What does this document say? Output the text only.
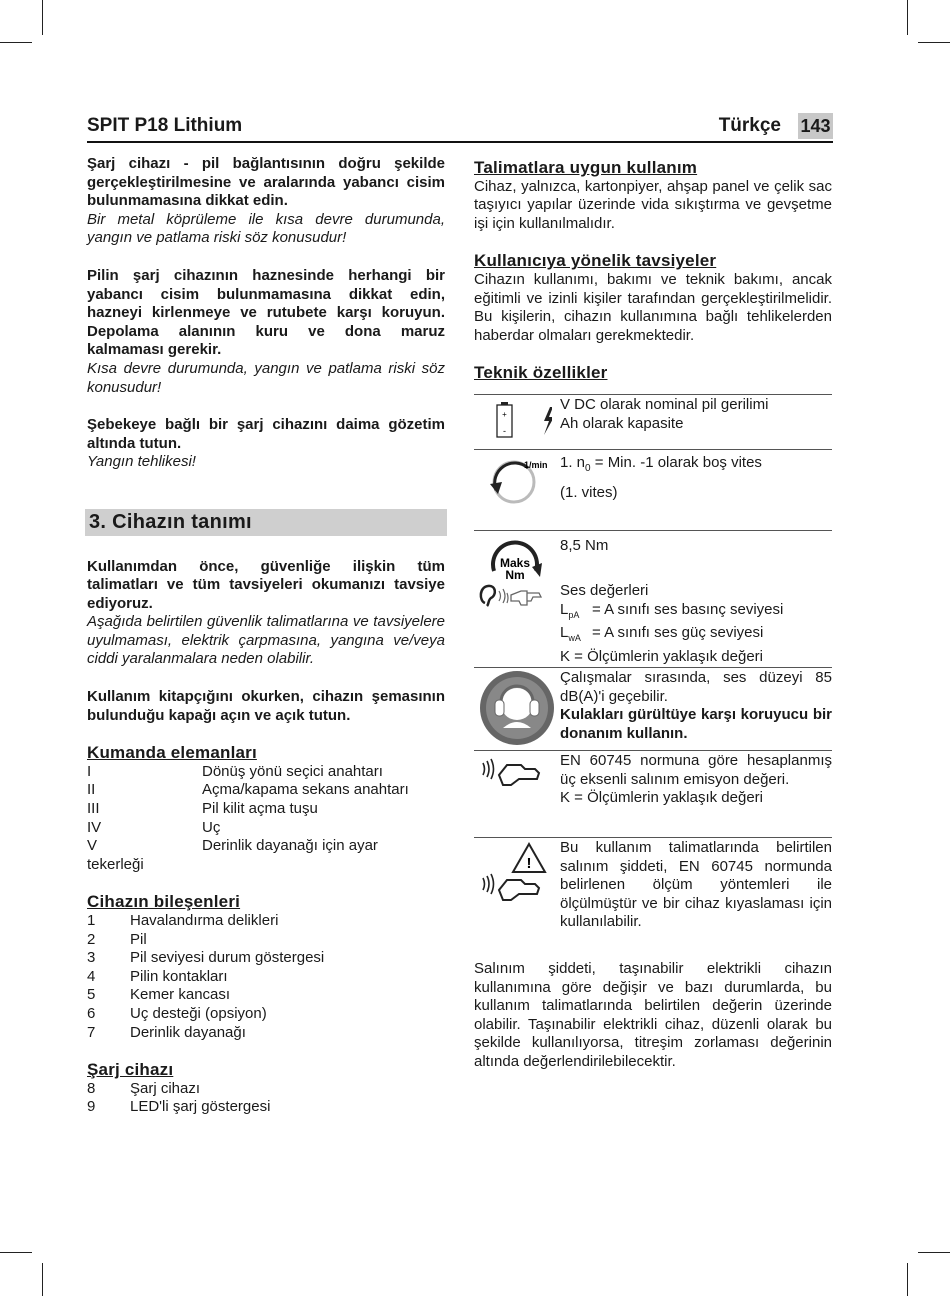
SPIT P18 Lithium	Türkçe 143

Şarj cihazı - pil bağlantısının doğru şekilde gerçekleştirilmesine ve aralarında yabancı cisim bulunmamasına dikkat edin.

Bir metal köprüleme ile kısa devre durumunda, yangın ve patlama riski söz konusudur!

Pilin şarj cihazının haznesinde herhangi bir yabancı cisim bulunmamasına dikkat edin, hazneyi kirlenmeye ve rutubete karşı koruyun. Depolama alanının kuru ve dona maruz kalmaması gerekir.

Kısa devre durumunda, yangın ve patlama riski söz konusudur!

Şebekeye bağlı bir şarj cihazını daima gözetim altında tutun.

Yangın tehlikesi!

3. Cihazın tanımı

Kullanımdan önce, güvenliğe ilişkin tüm talimatları ve tüm tavsiyeleri okumanızı tavsiye ediyoruz.

Aşağıda belirtilen güvenlik talimatlarına ve tavsiyelere uyulmaması, elektrik çarpmasına, yangına ve/veya ciddi yaralanmalara neden olabilir.

Kullanım kitapçığını okurken, cihazın şemasının bulunduğu kapağı açın ve açık tutun.

Kumanda elemanları

I	Dönüş yönü seçici anahtarı
II	Açma/kapama sekans anahtarı
III	Pil kilit açma tuşu
IV	Uç
V	Derinlik dayanağı için ayar
tekerleği

Cihazın bileşenleri

1	Havalandırma delikleri
2	Pil
3	Pil seviyesi durum göstergesi
4	Pilin kontakları
5	Kemer kancası
6	Uç desteği (opsiyon)
7	Derinlik dayanağı

Şarj cihazı

8	Şarj cihazı
9	LED'li şarj göstergesi

Talimatlara uygun kullanım

Cihaz, yalnızca, kartonpiyer, ahşap panel ve çelik sac taşıyıcı yapılar üzerinde vida sıkıştırma ve gevşetme işi için kullanılmalıdır.

Kullanıcıya yönelik tavsiyeler

Cihazın kullanımı, bakımı ve teknik bakımı, ancak eğitimli ve izinli kişiler tarafından gerçekleştirilmelidir. Bu kişilerin, cihazın kullanımına bağlı tehlikelerden haberdar olmaları gerekmektedir.

Teknik özellikler

+
-
V DC olarak nominal pil gerilimi
Ah olarak kapasite
1/min 1. $n_0$ = Min. -1 olarak boş vites
(1. vites)
Maks
Nm
8,5 Nm
Ses değerleri
$L_{pA} = A$ sınıfı ses basınç seviyesi
$L_{wA} = A$ sınıfı ses güç seviyesi
K = Ölçümlerin yaklaşık değeri
Çalışmalar sırasında, ses düzeyi 85 dB(A)'i geçebilir.
Kulakları gürültüye karşı koruyucu bir donanım kullanın.
EN 60745 normuna göre hesaplanmış üç eksenli salınım emisyon değeri.
K = Ölçümlerin yaklaşık değeri
!
Bu kullanım talimatlarında belirtilen salınım şiddeti, EN 60745 normunda belirlenen ölçüm yöntemleri ile ölçülmüştür ve bir cihaz kıyaslaması için kullanılabilir.

Salınım şiddeti, taşınabilir elektrikli cihazın kullanımına göre değişir ve bazı durumlarda, bu kullanım talimatlarında belirtilen değerin üzerinde olabilir. Taşınabilir elektrikli cihaz, düzenli olarak bu şekilde kullanılıyorsa, titreşim zorlaması değerinin altında değerlendirilebilecektir.
